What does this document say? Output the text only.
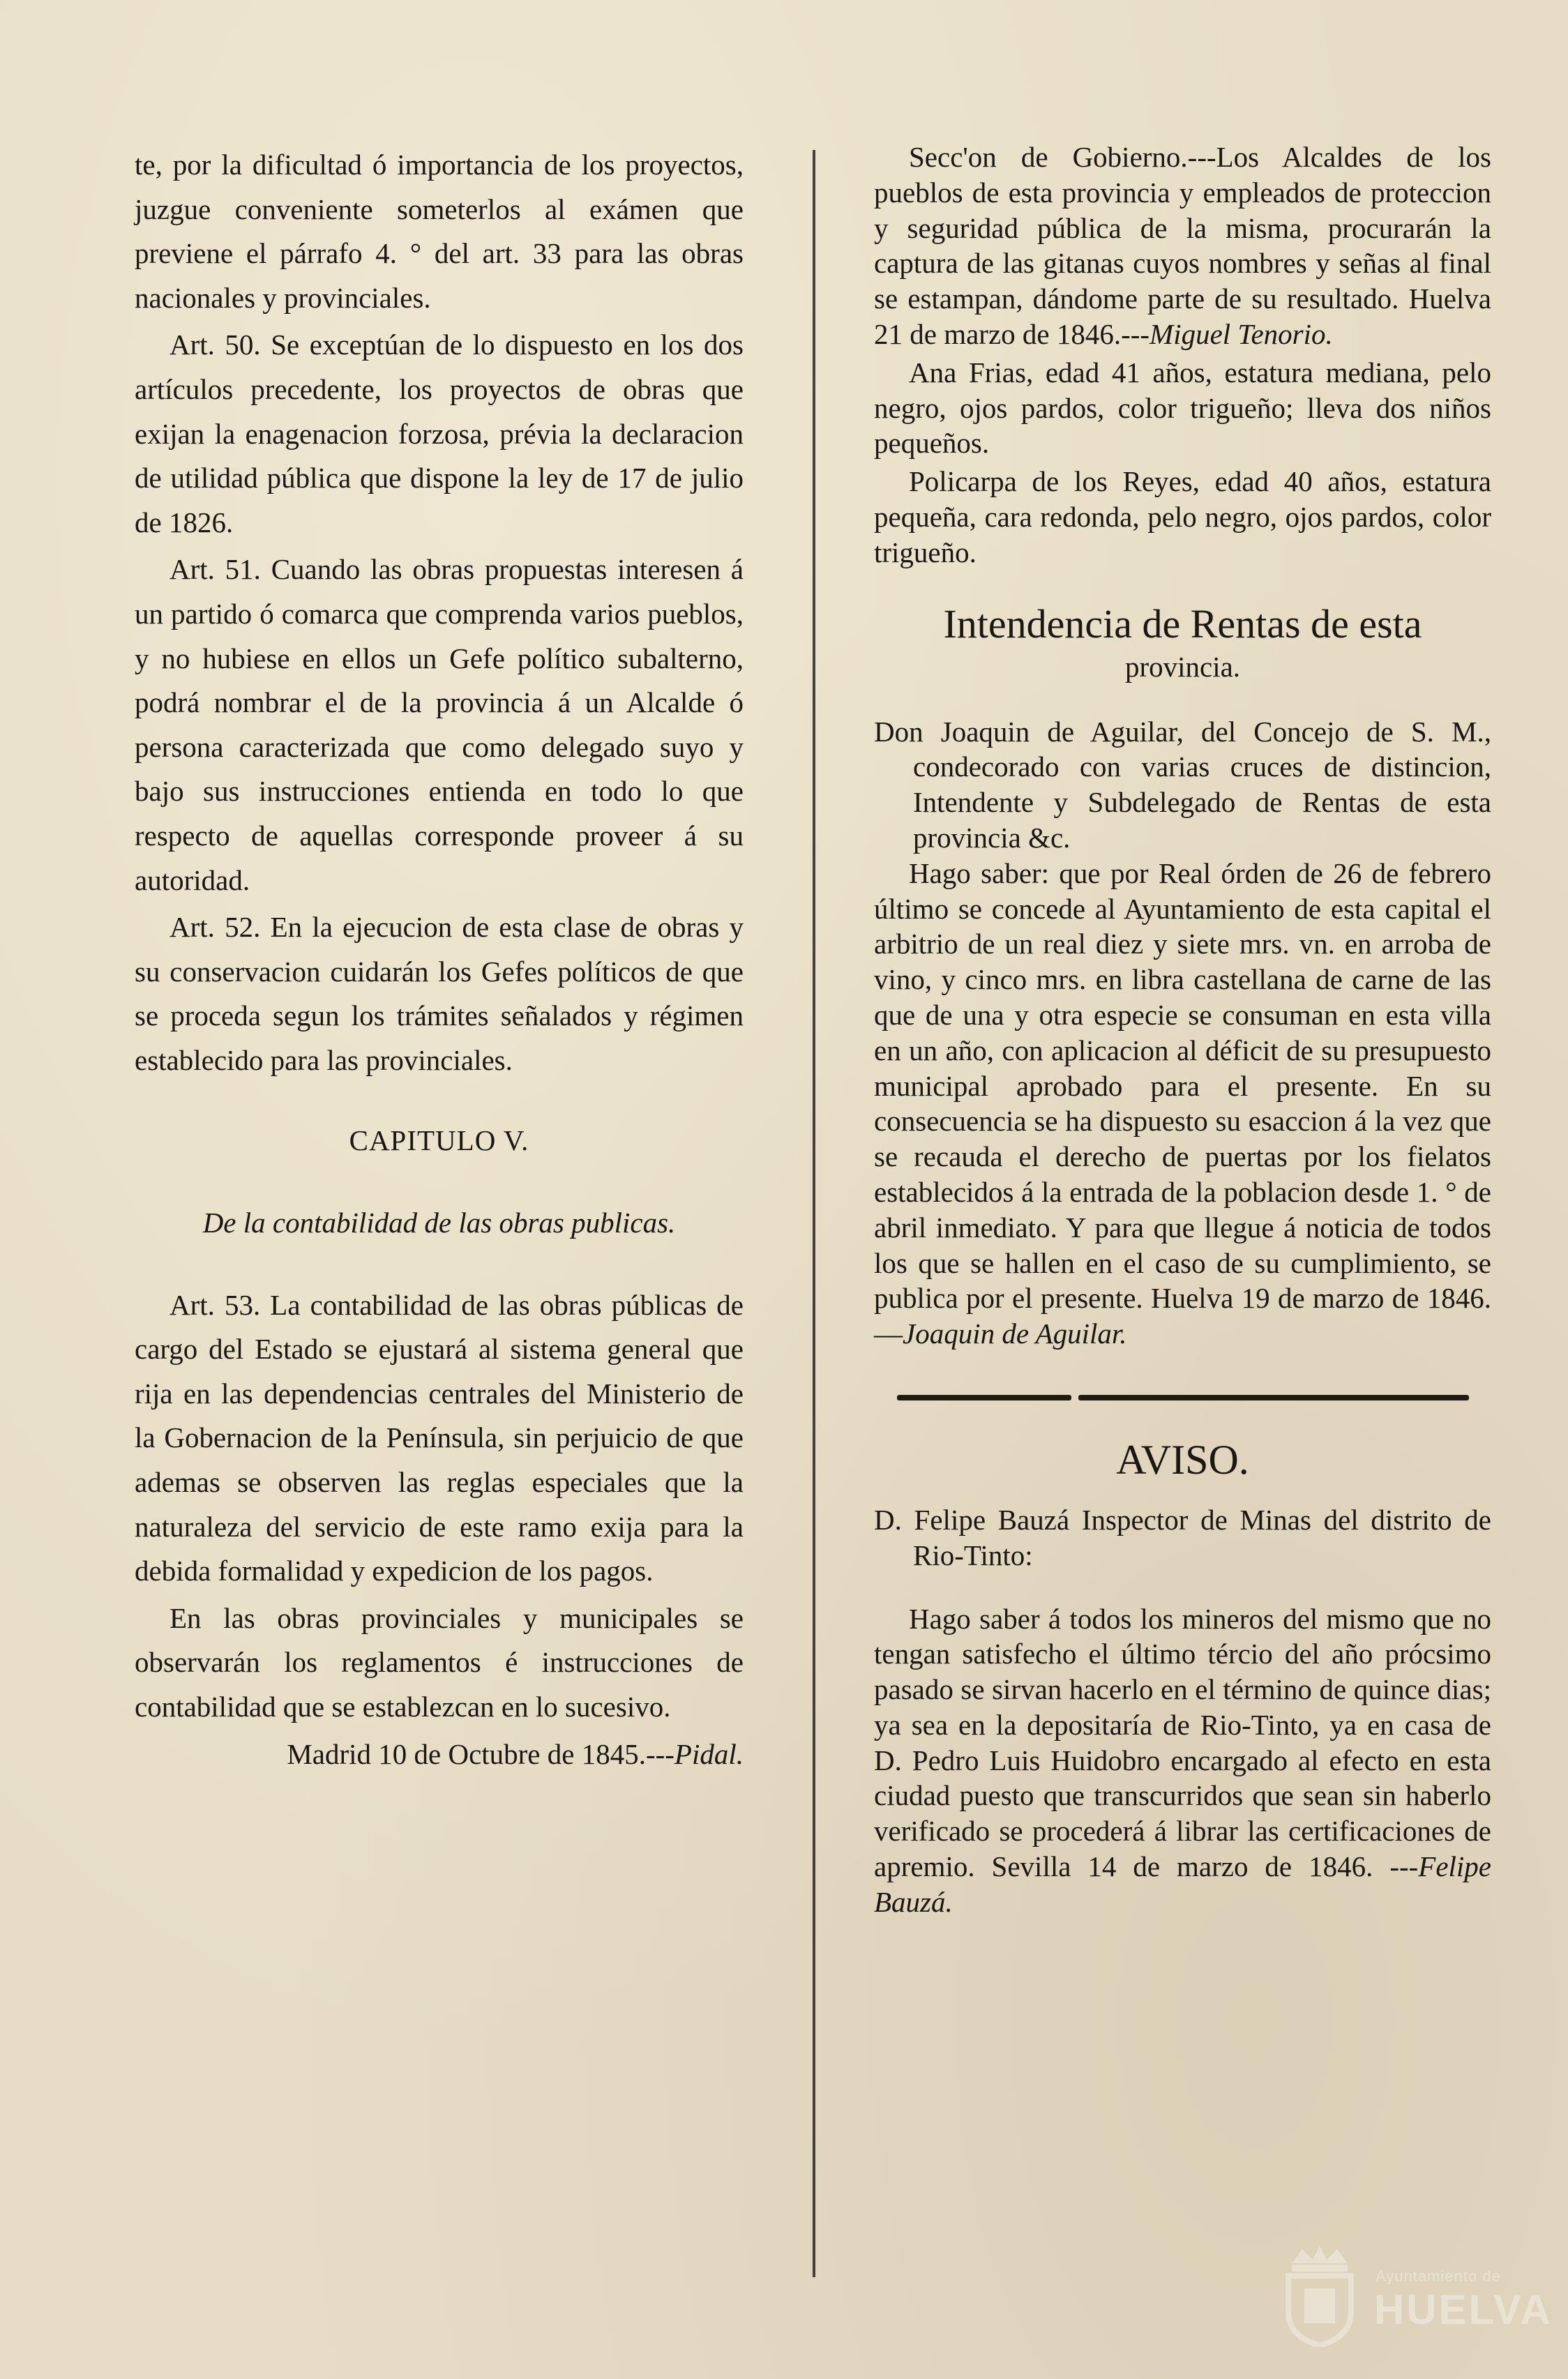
te, por la dificultad ó importancia de los proyectos, juzgue conveniente someterlos al exámen que previene el párrafo 4. ° del art. 33 para las obras nacionales y provinciales.

Art. 50. Se exceptúan de lo dispuesto en los dos artículos precedente, los proyectos de obras que exijan la enagenacion forzosa, prévia la declaracion de utilidad pública que dispone la ley de 17 de julio de 1826.

Art. 51. Cuando las obras propuestas interesen á un partido ó comarca que comprenda varios pueblos, y no hubiese en ellos un Gefe político subalterno, podrá nombrar el de la provincia á un Alcalde ó persona caracterizada que como delegado suyo y bajo sus instrucciones entienda en todo lo que respecto de aquellas corresponde proveer á su autoridad.

Art. 52. En la ejecucion de esta clase de obras y su conservacion cuidarán los Gefes políticos de que se proceda segun los trámites señalados y régimen establecido para las provinciales.

CAPITULO V.

De la contabilidad de las obras publicas.

Art. 53. La contabilidad de las obras públicas de cargo del Estado se ejustará al sistema general que rija en las dependencias centrales del Ministerio de la Gobernacion de la Península, sin perjuicio de que ademas se observen las reglas especiales que la naturaleza del servicio de este ramo exija para la debida formalidad y expedicion de los pagos.

En las obras provinciales y municipales se observarán los reglamentos é instrucciones de contabilidad que se establezcan en lo sucesivo.

Madrid 10 de Octubre de 1845.---Pidal.

Secc'on de Gobierno.---Los Alcaldes de los pueblos de esta provincia y empleados de proteccion y seguridad pública de la misma, procurarán la captura de las gitanas cuyos nombres y señas al final se estampan, dándome parte de su resultado. Huelva 21 de marzo de 1846.---Miguel Tenorio.

Ana Frias, edad 41 años, estatura mediana, pelo negro, ojos pardos, color trigueño; lleva dos niños pequeños.

Policarpa de los Reyes, edad 40 años, estatura pequeña, cara redonda, pelo negro, ojos pardos, color trigueño.

Intendencia de Rentas de esta

provincia.

Don Joaquin de Aguilar, del Concejo de S. M., condecorado con varias cruces de distincion, Intendente y Subdelegado de Rentas de esta provincia &c.

Hago saber: que por Real órden de 26 de febrero último se concede al Ayuntamiento de esta capital el arbitrio de un real diez y siete mrs. vn. en arroba de vino, y cinco mrs. en libra castellana de carne de las que de una y otra especie se consuman en esta villa en un año, con aplicacion al déficit de su presupuesto municipal aprobado para el presente. En su consecuencia se ha dispuesto su esaccion á la vez que se recauda el derecho de puertas por los fielatos establecidos á la entrada de la poblacion desde 1. ° de abril inmediato. Y para que llegue á noticia de todos los que se hallen en el caso de su cumplimiento, se publica por el presente. Huelva 19 de marzo de 1846.—Joaquin de Aguilar.

AVISO.

D. Felipe Bauzá Inspector de Minas del distrito de Rio-Tinto:

Hago saber á todos los mineros del mismo que no tengan satisfecho el último tércio del año prócsimo pasado se sirvan hacerlo en el término de quince dias; ya sea en la depositaría de Rio-Tinto, ya en casa de D. Pedro Luis Huidobro encargado al efecto en esta ciudad puesto que transcurridos que sean sin haberlo verificado se procederá á librar las certificaciones de apremio. Sevilla 14 de marzo de 1846. ---Felipe Bauzá.

Ayuntamiento de
HUELVA
